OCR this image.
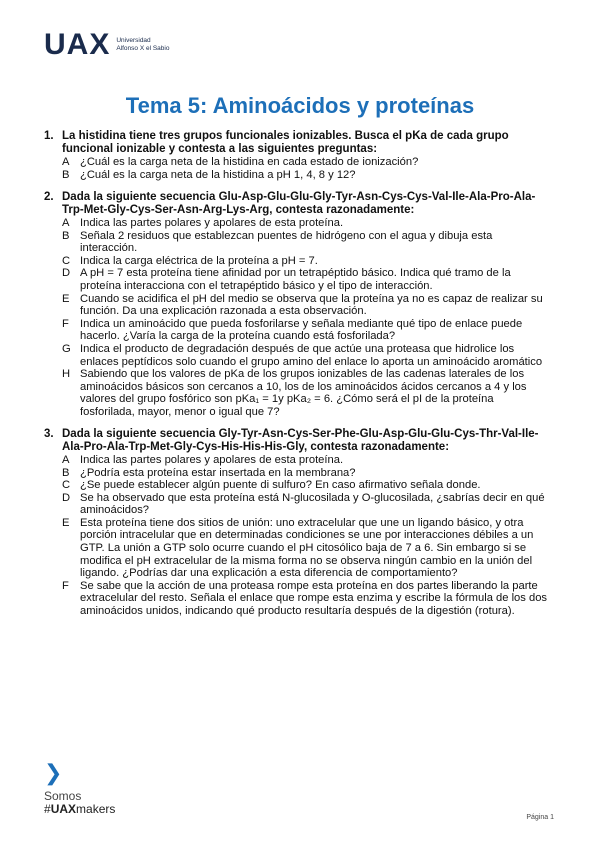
UAX Universidad
Alfonso X el Sabio
Tema 5: Aminoácidos y proteínas
1. La histidina tiene tres grupos funcionales ionizables. Busca el pKa de cada grupo funcional ionizable y contesta a las siguientes preguntas:
A ¿Cuál es la carga neta de la histidina en cada estado de ionización?
B ¿Cuál es la carga neta de la histidina a pH 1, 4, 8 y 12?
2. Dada la siguiente secuencia Glu-Asp-Glu-Glu-Gly-Tyr-Asn-Cys-Cys-Val-Ile-Ala-Pro-Ala-Trp-Met-Gly-Cys-Ser-Asn-Arg-Lys-Arg, contesta razonadamente:
A Indica las partes polares y apolares de esta proteína.
B Señala 2 residuos que establezcan puentes de hidrógeno con el agua y dibuja esta interacción.
C Indica la carga eléctrica de la proteína a pH = 7.
D A pH = 7 esta proteína tiene afinidad por un tetrapéptido básico. Indica qué tramo de la proteína interacciona con el tetrapéptido básico y el tipo de interacción.
E Cuando se acidifica el pH del medio se observa que la proteína ya no es capaz de realizar su función. Da una explicación razonada a esta observación.
F Indica un aminoácido que pueda fosforilarse y señala mediante qué tipo de enlace puede hacerlo. ¿Varía la carga de la proteína cuando está fosforilada?
G Indica el producto de degradación después de que actúe una proteasa que hidrolice los enlaces peptídicos solo cuando el grupo amino del enlace lo aporta un aminoácido aromático
H Sabiendo que los valores de pKa de los grupos ionizables de las cadenas laterales de los aminoácidos básicos son cercanos a 10, los de los aminoácidos ácidos cercanos a 4 y los valores del grupo fosfórico son pKa₁ = 1y pKa₂ = 6. ¿Cómo será el pI de la proteína fosforilada, mayor, menor o igual que 7?
3. Dada la siguiente secuencia Gly-Tyr-Asn-Cys-Ser-Phe-Glu-Asp-Glu-Glu-Cys-Thr-Val-Ile-Ala-Pro-Ala-Trp-Met-Gly-Cys-His-His-His-Gly, contesta razonadamente:
A Indica las partes polares y apolares de esta proteína.
B ¿Podría esta proteína estar insertada en la membrana?
C ¿Se puede establecer algún puente di sulfuro? En caso afirmativo señala donde.
D Se ha observado que esta proteína está N-glucosilada y O-glucosilada, ¿sabrías decir en qué aminoácidos?
E Esta proteína tiene dos sitios de unión: uno extracelular que une un ligando básico, y otra porción intracelular que en determinadas condiciones se une por interacciones débiles a un GTP. La unión a GTP solo ocurre cuando el pH citosólico baja de 7 a 6. Sin embargo si se modifica el pH extracelular de la misma forma no se observa ningún cambio en la unión del ligando. ¿Podrías dar una explicación a esta diferencia de comportamiento?
F Se sabe que la acción de una proteasa rompe esta proteína en dos partes liberando la parte extracelular del resto. Señala el enlace que rompe esta enzima y escribe la fórmula de los dos aminoácidos unidos, indicando qué producto resultaría después de la digestión (rotura).
❯
Somos
#UAXmakers
Página 1
